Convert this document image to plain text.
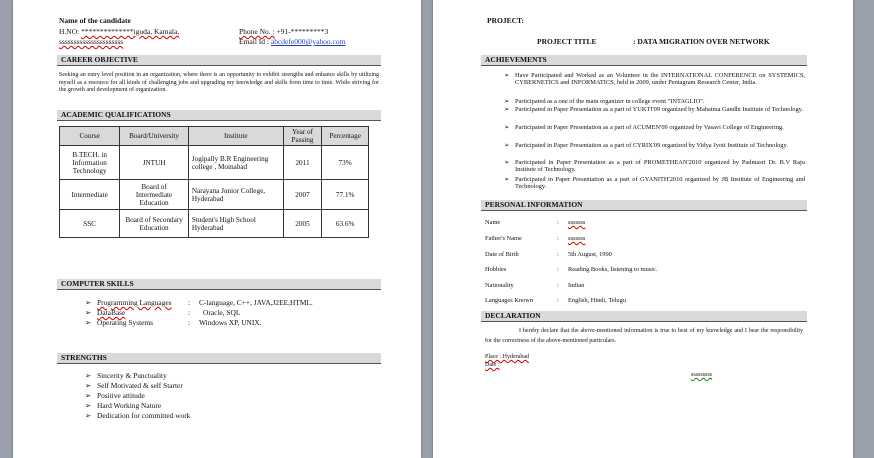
Name of the candidate
H.NO: **************iguda, Kamala,
ssssssssssssssssssssss
Phone No. : +91-*********3
Email Id : abcdefe000@yahoo.com
CAREER OBJECTIVE
Seeking an entry level position in an organization, where there is an opportunity to exhibit strengths and enhance skills by utilizing myself as a resource for all kinds of challenging jobs and upgrading my knowledge and skills from time to time. While striving for the growth and development of organization.
ACADEMIC QUALIFICATIONS
Course	Board/University	Institute	Year of Passing	Percentage
B.TECH. in Information Technology	JNTUH	Jogipally B.R Engineering college , Moinabad	2011	73%
Intermediate	Board of Intermediate Education	Narayana Junior College, Hyderabad	2007	77.1%
SSC	Board of Secondary Education	Student's High School Hyderabad	2005	63.6%
COMPUTER SKILLS
➢ Programming Languages : C-language, C++, JAVA,J2EE,HTML.
➢ DataBase	: Oracle, SQL
➢ Operating Systems	: Windows XP, UNIX.
STRENGTHS
➢ Sincerity & Punctuality
➢ Self Motivated & self Starter
➢ Positive attitude
➢ Hard Working Nature
➢ Dedication for committed work
PROJECT:
PROJECT TITLE	: DATA MIGRATION OVER NETWORK
ACHIEVEMENTS
➢ Have Participated and Worked as an Volunteer in the INTERNATIONAL CONFERENCE on SYSTEMICS, CYBERNETICS and INFORMATICS, held in 2009, under Pentagram Research Center, India.
➢ Participated as a one of the main organizer in college event "INTAGLIO".
➢ Participated in Paper Presentation as a part of YUKTI'09 organized by Mahatma Gandhi Institute of Technology.
➢ Participated in Paper Presentation as a part of ACUMEN'09 organized by Vasavi College of Engineering.
➢ Participated in Paper Presentation as a part of CYRIX'09 organized by Vidya Jyoti Institute of Technology.
➢ Participated in Paper Presentation as a part of PROMETHEAN'2010 organized by Padmasri Dr. B.V Raju Institute of Technology.
➢ Participated in Paper Presentation as a part of GYANITH'2010 organized by JB Institute of Engineering and Technology.
PERSONAL INFORMATION
Name	: sssssss
Father's Name	: sssssss
Date of Birth	: 5th August, 1990
Hobbies	: Reading Books, listening to music.
Nationality	: Indian
Languages Known	: English, Hindi, Telugu
DECLARATION
I hereby declare that the above-mentioned information is true to best of my knowledge and I bear the responsibility for the correctness of the above-mentioned particulars.
Place : Hyderabad
Date :
sssssssss
